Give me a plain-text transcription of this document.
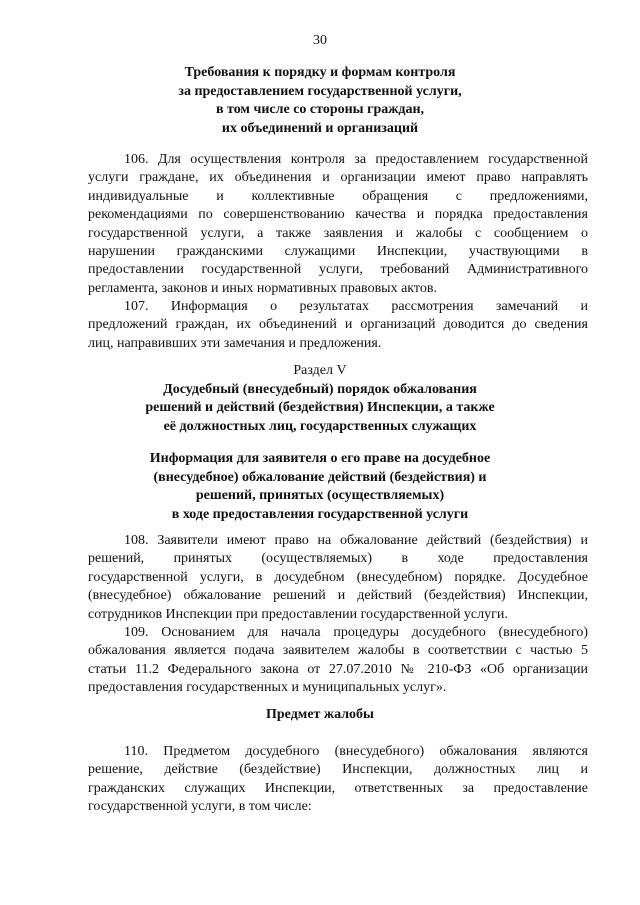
30
Требования к порядку и формам контроля
за предоставлением государственной услуги,
в том числе со стороны граждан,
их объединений и организаций
106. Для осуществления контроля за предоставлением государственной
услуги гражданe, их объединения и организации имеют право направлять
индивидуальные и коллективные обращения с предложениями,
рекомендациями по совершенствованию качества и порядка предоставления
государственной услуги, а также заявления и жалобы с сообщением о
нарушении гражданскими служащими Инспекции, участвующими в
предоставлении государственной услуги, требований Административного
регламента, законов и иных нормативных правовых актов.
107. Информация о результатах рассмотрения замечаний и
предложений граждан, их объединений и организаций доводится до сведения
лиц, направивших эти замечания и предложения.
Раздел V
Досудебный (внесудебный) порядок обжалования
решений и действий (бездействия) Инспекции, а также
её должностных лиц, государственных служащих
Информация для заявителя о его праве на досудебное
(внесудебное) обжалование действий (бездействия) и
решений, принятых (осуществляемых)
в ходе предоставления государственной услуги
108. Заявители имеют право на обжалование действий (бездействия) и
решений, принятых (осуществляемых) в ходе предоставления
государственной услуги, в досудебном (внесудебном) порядке. Досудебное
(внесудебное) обжалование решений и действий (бездействия) Инспекции,
сотрудников Инспекции при предоставлении государственной услуги.
109. Основанием для начала процедуры досудебного (внесудебного)
обжалования является подача заявителем жалобы в соответствии с частью 5
статьи 11.2 Федерального закона от 27.07.2010 № 210-ФЗ «Об организации
предоставления государственных и муниципальных услуг».
Предмет жалобы
110. Предметом досудебного (внесудебного) обжалования являются
решение, действие (бездействие) Инспекции, должностных лиц и
гражданских служащих Инспекции, ответственных за предоставление
государственной услуги, в том числе:
